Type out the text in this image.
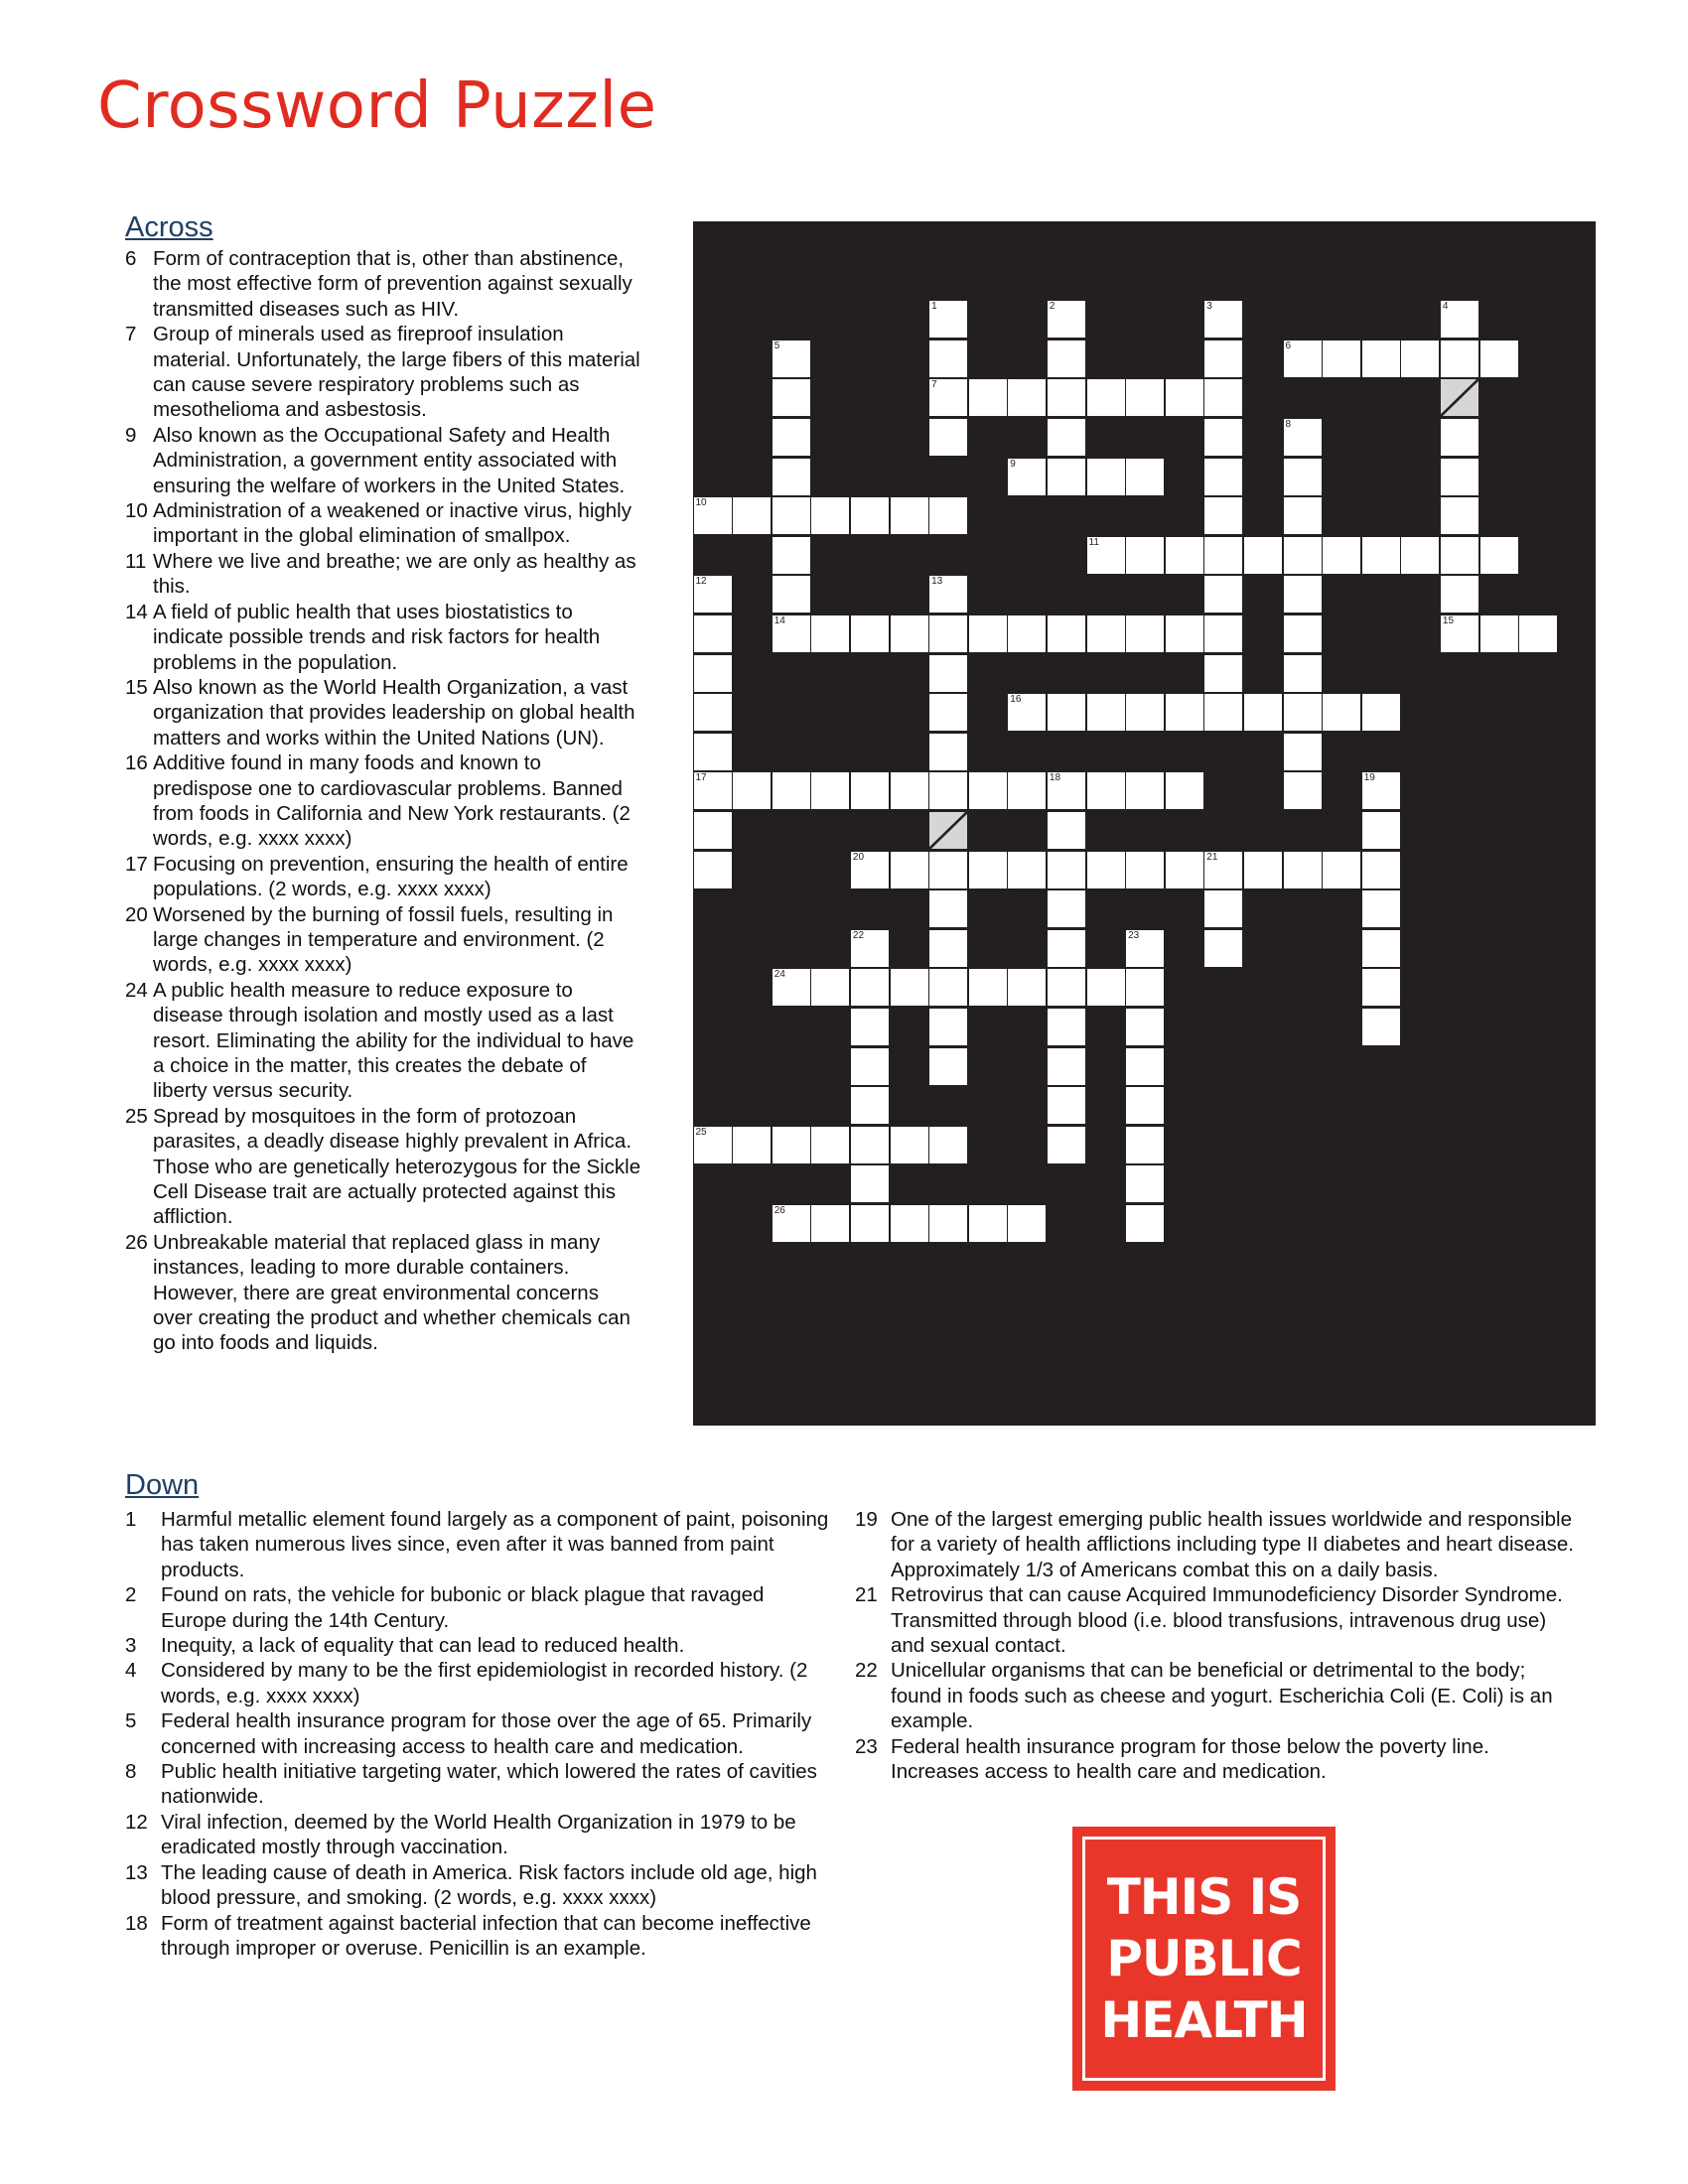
Crossword Puzzle
Across
6 Form of contraception that is, other than abstinence, the most effective form of prevention against sexually transmitted diseases such as HIV.
7 Group of minerals used as fireproof insulation material. Unfortunately, the large fibers of this material can cause severe respiratory problems such as mesothelioma and asbestosis.
9 Also known as the Occupational Safety and Health Administration, a government entity associated with ensuring the welfare of workers in the United States.
10 Administration of a weakened or inactive virus, highly important in the global elimination of smallpox.
11 Where we live and breathe; we are only as healthy as this.
14 A field of public health that uses biostatistics to indicate possible trends and risk factors for health problems in the population.
15 Also known as the World Health Organization, a vast organization that provides leadership on global health matters and works within the United Nations (UN).
16 Additive found in many foods and known to predispose one to cardiovascular problems. Banned from foods in California and New York restaurants. (2 words, e.g. xxxx xxxx)
17 Focusing on prevention, ensuring the health of entire populations. (2 words, e.g. xxxx xxxx)
20 Worsened by the burning of fossil fuels, resulting in large changes in temperature and environment. (2 words, e.g. xxxx xxxx)
24 A public health measure to reduce exposure to disease through isolation and mostly used as a last resort. Eliminating the ability for the individual to have a choice in the matter, this creates the debate of liberty versus security.
25 Spread by mosquitoes in the form of protozoan parasites, a deadly disease highly prevalent in Africa. Those who are genetically heterozygous for the Sickle Cell Disease trait are actually protected against this affliction.
26 Unbreakable material that replaced glass in many instances, leading to more durable containers. However, there are great environmental concerns over creating the product and whether chemicals can go into foods and liquids.
6
7
9
10
11
14	15
16
17	18
20	21
24
25
26
1	2	3	4
5
8
12	13
19
22	23
Down
1	Harmful metallic element found largely as a component of paint, poisoning has taken numerous lives since, even after it was banned from paint products.
2	Found on rats, the vehicle for bubonic or black plague that ravaged Europe during the 14th Century.
3	Inequity, a lack of equality that can lead to reduced health.
4	Considered by many to be the first epidemiologist in recorded history. (2 words, e.g. xxxx xxxx)
5	Federal health insurance program for those over the age of 65. Primarily concerned with increasing access to health care and medication.
8	Public health initiative targeting water, which lowered the rates of cavities nationwide.
12 Viral infection, deemed by the World Health Organization in 1979 to be eradicated mostly through vaccination.
13 The leading cause of death in America. Risk factors include old age, high blood pressure, and smoking. (2 words, e.g. xxxx xxxx)
18 Form of treatment against bacterial infection that can become ineffective through improper or overuse. Penicillin is an example.
19 One of the largest emerging public health issues worldwide and responsible for a variety of health afflictions including type II diabetes and heart disease. Approximately 1/3 of Americans combat this on a daily basis.
21 Retrovirus that can cause Acquired Immunodeficiency Disorder Syndrome. Transmitted through blood (i.e. blood transfusions, intravenous drug use) and sexual contact.
22 Unicellular organisms that can be beneficial or detrimental to the body; found in foods such as cheese and yogurt. Escherichia Coli (E. Coli) is an example.
23 Federal health insurance program for those below the poverty line. Increases access to health care and medication.
THIS IS
PUBLIC
HEALTH
